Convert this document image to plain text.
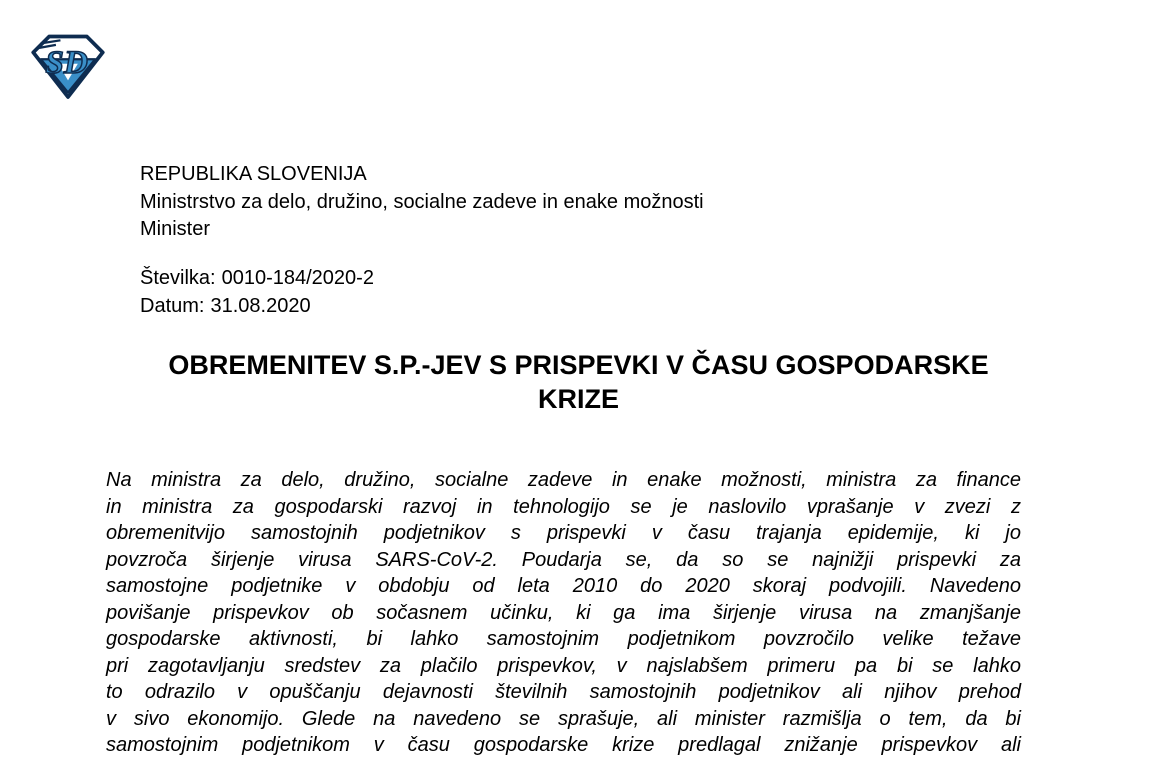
SD
REPUBLIKA SLOVENIJA
Ministrstvo za delo, družino, socialne zadeve in enake možnosti
Minister
Številka: 0010-184/2020-2
Datum: 31.08.2020
OBREMENITEV S.P.-JEV S PRISPEVKI V ČASU GOSPODARSKE
KRIZE
Na ministra za delo, družino, socialne zadeve in enake možnosti, ministra za finance
in ministra za gospodarski razvoj in tehnologijo se je naslovilo vprašanje v zvezi z
obremenitvijo samostojnih podjetnikov s prispevki v času trajanja epidemije, ki jo
povzroča širjenje virusa SARS-CoV-2. Poudarja se, da so se najnižji prispevki za
samostojne podjetnike v obdobju od leta 2010 do 2020 skoraj podvojili. Navedeno
povišanje prispevkov ob sočasnem učinku, ki ga ima širjenje virusa na zmanjšanje
gospodarske aktivnosti, bi lahko samostojnim podjetnikom povzročilo velike težave
pri zagotavljanju sredstev za plačilo prispevkov, v najslabšem primeru pa bi se lahko
to odrazilo v opuščanju dejavnosti številnih samostojnih podjetnikov ali njihov prehod
v sivo ekonomijo. Glede na navedeno se sprašuje, ali minister razmišlja o tem, da bi
samostojnim podjetnikom v času gospodarske krize predlagal znižanje prispevkov ali
